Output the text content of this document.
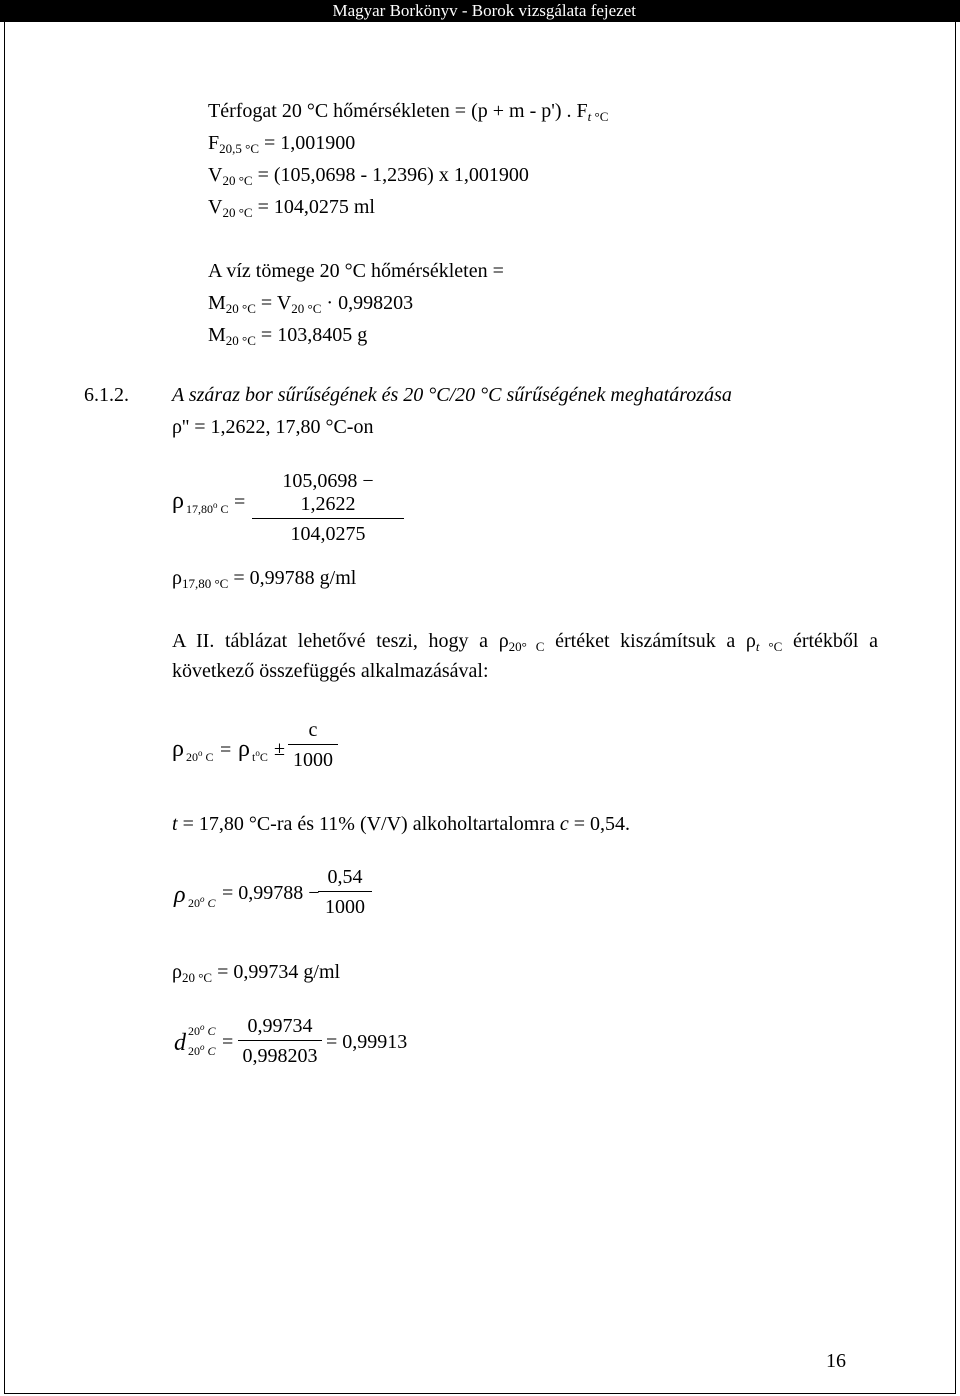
Magyar Borkönyv - Borok vizsgálata fejezet
Térfogat 20 °C hőmérsékleten = (p + m - p') . $F_{t ^\circ C}$
$F_{20,5 ^\circ C} = 1,001900$
$V_{20 ^\circ C} = (105,0698 - 1,2396)$ x 1,001900
$V_{20 ^\circ C} = 104,0275$ ml
A víz tömege 20 °C hőmérsékleten =
$M_{20 ^\circ C} = V_{20 ^\circ C} \cdot 0,998203$
$M_{20 ^\circ C} = 103,8405$ g
6.1.2. A száraz bor sűrűségének és 20 °C/20 °C sűrűségének meghatározása
ρ'' = 1,2622, 17,80 °C-on
ρ 17,80$^o$ $C = \frac{105,0698 - 1,2622}{104,0275}$
$\rho_{17,80 ^\circ C} = 0,99788$ g/ml
A II. táblázat lehetővé teszi, hogy a $\rho_{20^\circ C}$ értéket kiszámítsuk a $\rho_{t ^\circ C}$ értékből a következő összefüggés alkalmazásával:
ρ 20$^o$ C = ρ $t^oC \pm \frac{c}{1000}$
t = 17,80 °C-ra és 11% (V/V) alkoholtartalomra c = 0,54.
ρ 20$^o$ C = 0,99788 −
$\frac{0,54}{1000}$
$\rho_{20 ^\circ C} = 0,99734$ g/ml
d 20$^o$ C
20$^o$ $C = \frac{0,99734}{0,998203} = 0,99913$
16
